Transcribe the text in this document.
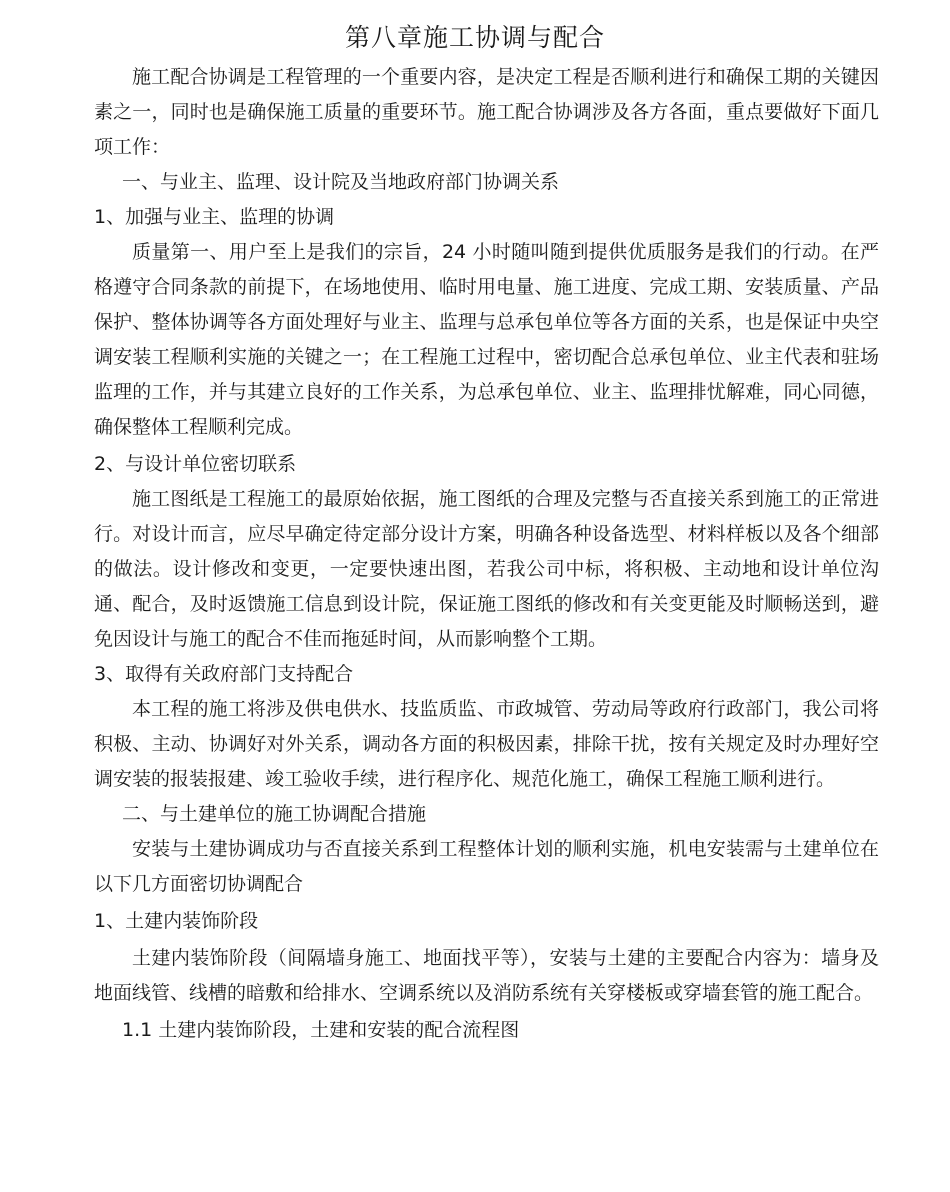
第八章施工协调与配合

施工配合协调是工程管理的一个重要内容，是决定工程是否顺利进行和确保工期的关键因素之一，同时也是确保施工质量的重要环节。施工配合协调涉及各方各面，重点要做好下面几项工作：

一、与业主、监理、设计院及当地政府部门协调关系

1、加强与业主、监理的协调

质量第一、用户至上是我们的宗旨，24 小时随叫随到提供优质服务是我们的行动。在严格遵守合同条款的前提下，在场地使用、临时用电量、施工进度、完成工期、安装质量、产品保护、整体协调等各方面处理好与业主、监理与总承包单位等各方面的关系，也是保证中央空调安装工程顺利实施的关键之一；在工程施工过程中，密切配合总承包单位、业主代表和驻场监理的工作，并与其建立良好的工作关系，为总承包单位、业主、监理排忧解难，同心同德，确保整体工程顺利完成。

2、与设计单位密切联系

施工图纸是工程施工的最原始依据，施工图纸的合理及完整与否直接关系到施工的正常进行。对设计而言，应尽早确定待定部分设计方案，明确各种设备选型、材料样板以及各个细部的做法。设计修改和变更，一定要快速出图，若我公司中标，将积极、主动地和设计单位沟通、配合，及时返馈施工信息到设计院，保证施工图纸的修改和有关变更能及时顺畅送到，避免因设计与施工的配合不佳而拖延时间，从而影响整个工期。

3、取得有关政府部门支持配合

本工程的施工将涉及供电供水、技监质监、市政城管、劳动局等政府行政部门，我公司将积极、主动、协调好对外关系，调动各方面的积极因素，排除干扰，按有关规定及时办理好空调安装的报装报建、竣工验收手续，进行程序化、规范化施工，确保工程施工顺利进行。

二、与土建单位的施工协调配合措施

安装与土建协调成功与否直接关系到工程整体计划的顺利实施，机电安装需与土建单位在以下几方面密切协调配合

1、土建内装饰阶段

土建内装饰阶段（间隔墙身施工、地面找平等），安装与土建的主要配合内容为：墙身及地面线管、线槽的暗敷和给排水、空调系统以及消防系统有关穿楼板或穿墙套管的施工配合。

1.1 土建内装饰阶段，土建和安装的配合流程图
